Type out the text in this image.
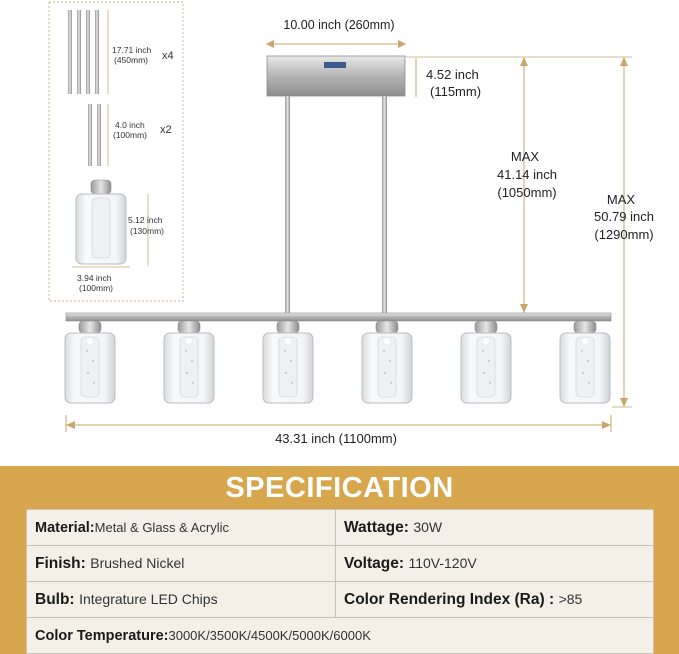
17.71 inch
(450mm) x4
4.0 inch
(100mm) x2
5.12 inch
(130mm)
3.94 inch
(100mm)
10.00 inch (260mm)
4.52 inch
(115mm)
MAX
41.14 inch
(1050mm)	MAX
50.79 inch
(1290mm)
43.31 inch (1100mm)
SPECIFICATION
Material:Metal & Glass & Acrylic	Wattage: 30W
Finish: Brushed Nickel	Voltage: 110V-120V
Bulb: Integrature LED Chips	Color Rendering Index (Ra) : >85
Color Temperature:3000K/3500K/4500K/5000K/6000K	
